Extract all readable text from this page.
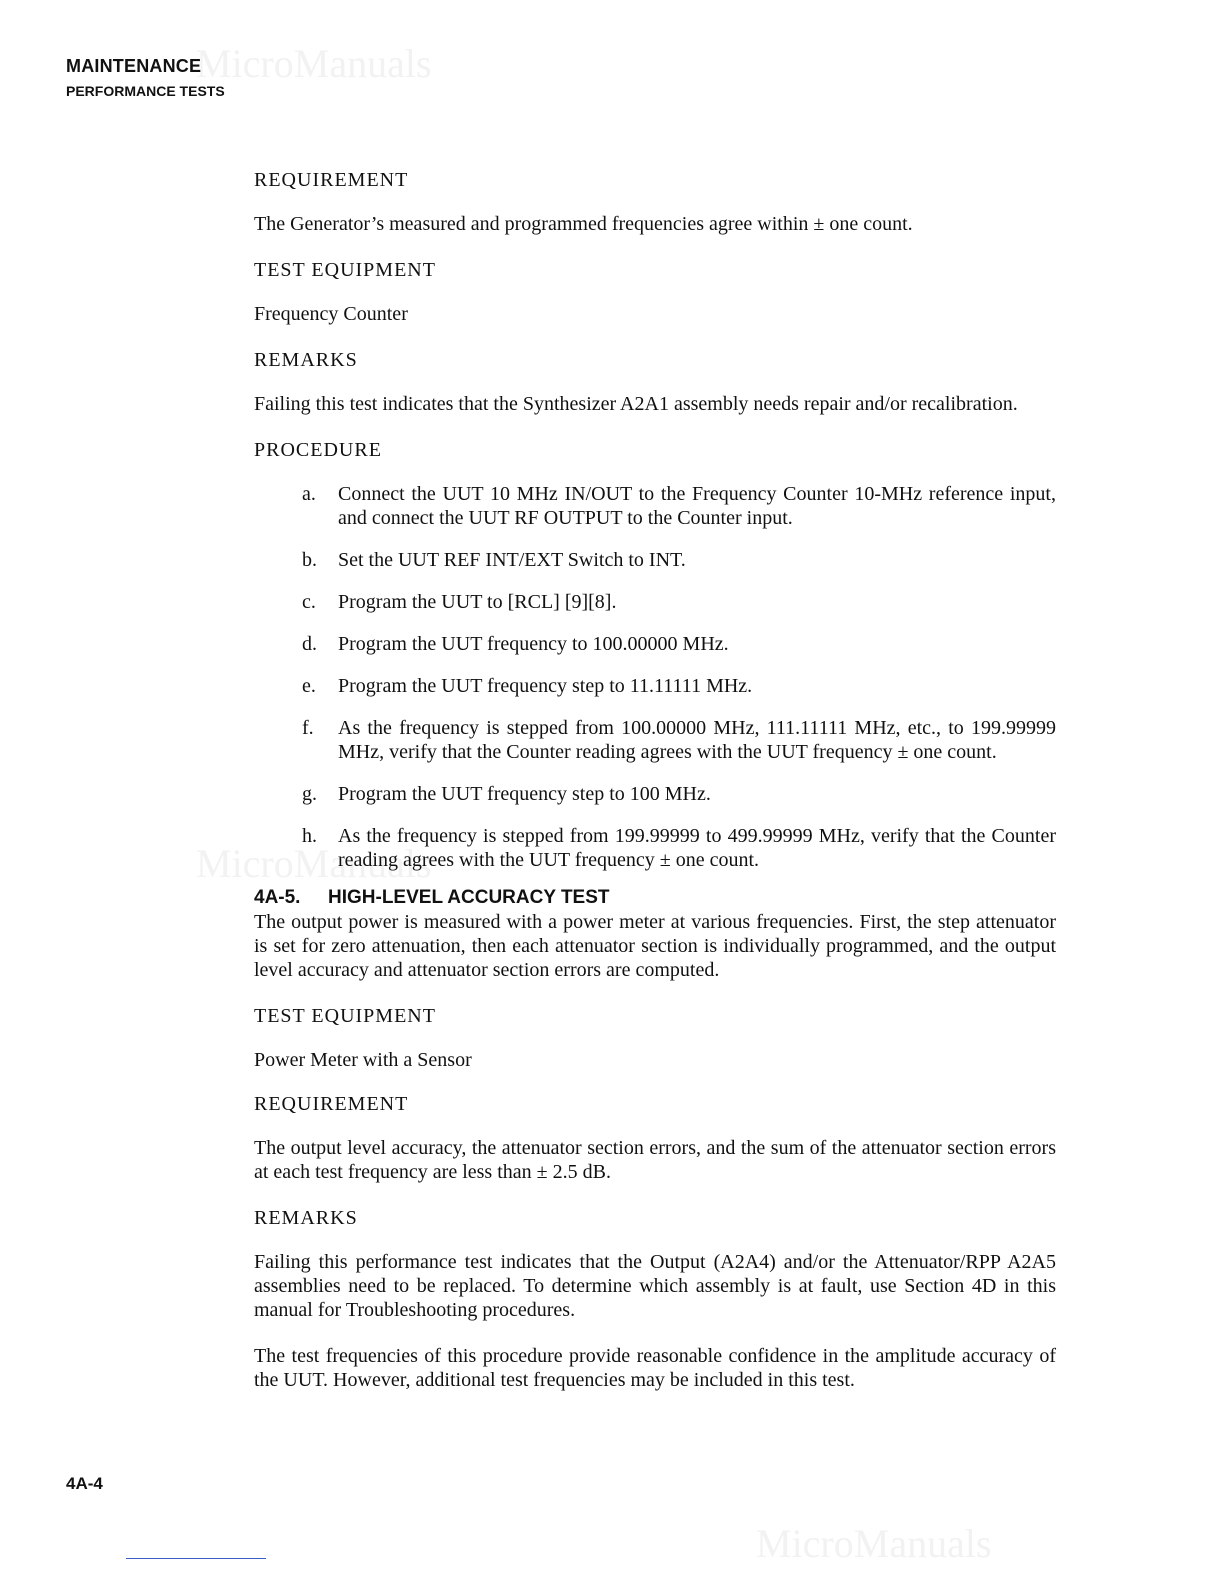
MicroManuals
MicroManuals
MicroManuals
MAINTENANCE
PERFORMANCE TESTS

REQUIREMENT

The Generator’s measured and programmed frequencies agree within ± one count.

TEST EQUIPMENT

Frequency Counter

REMARKS

Failing this test indicates that the Synthesizer A2A1 assembly needs repair and/or recalibration.

PROCEDURE

a. Connect the UUT 10 MHz IN/OUT to the Frequency Counter 10-MHz reference input, and connect the UUT RF OUTPUT to the Counter input.
b. Set the UUT REF INT/EXT Switch to INT.
c. Program the UUT to [RCL] [9][8].
d. Program the UUT frequency to 100.00000 MHz.
e. Program the UUT frequency step to 11.11111 MHz.
f. As the frequency is stepped from 100.00000 MHz, 111.11111 MHz, etc., to 199.99999 MHz, verify that the Counter reading agrees with the UUT frequency ± one count.
g. Program the UUT frequency step to 100 MHz.
h. As the frequency is stepped from 199.99999 to 499.99999 MHz, verify that the Counter reading agrees with the UUT frequency ± one count.
4A-5. HIGH-LEVEL ACCURACY TEST

The output power is measured with a power meter at various frequencies. First, the step attenuator is set for zero attenuation, then each attenuator section is individually programmed, and the output level accuracy and attenuator section errors are computed.

TEST EQUIPMENT

Power Meter with a Sensor

REQUIREMENT

The output level accuracy, the attenuator section errors, and the sum of the attenuator section errors at each test frequency are less than ± 2.5 dB.

REMARKS

Failing this performance test indicates that the Output (A2A4) and/or the Attenuator/RPP A2A5 assemblies need to be replaced. To determine which assembly is at fault, use Section 4D in this manual for Troubleshooting procedures.

The test frequencies of this procedure provide reasonable confidence in the amplitude accuracy of the UUT. However, additional test frequencies may be included in this test.

4A-4
